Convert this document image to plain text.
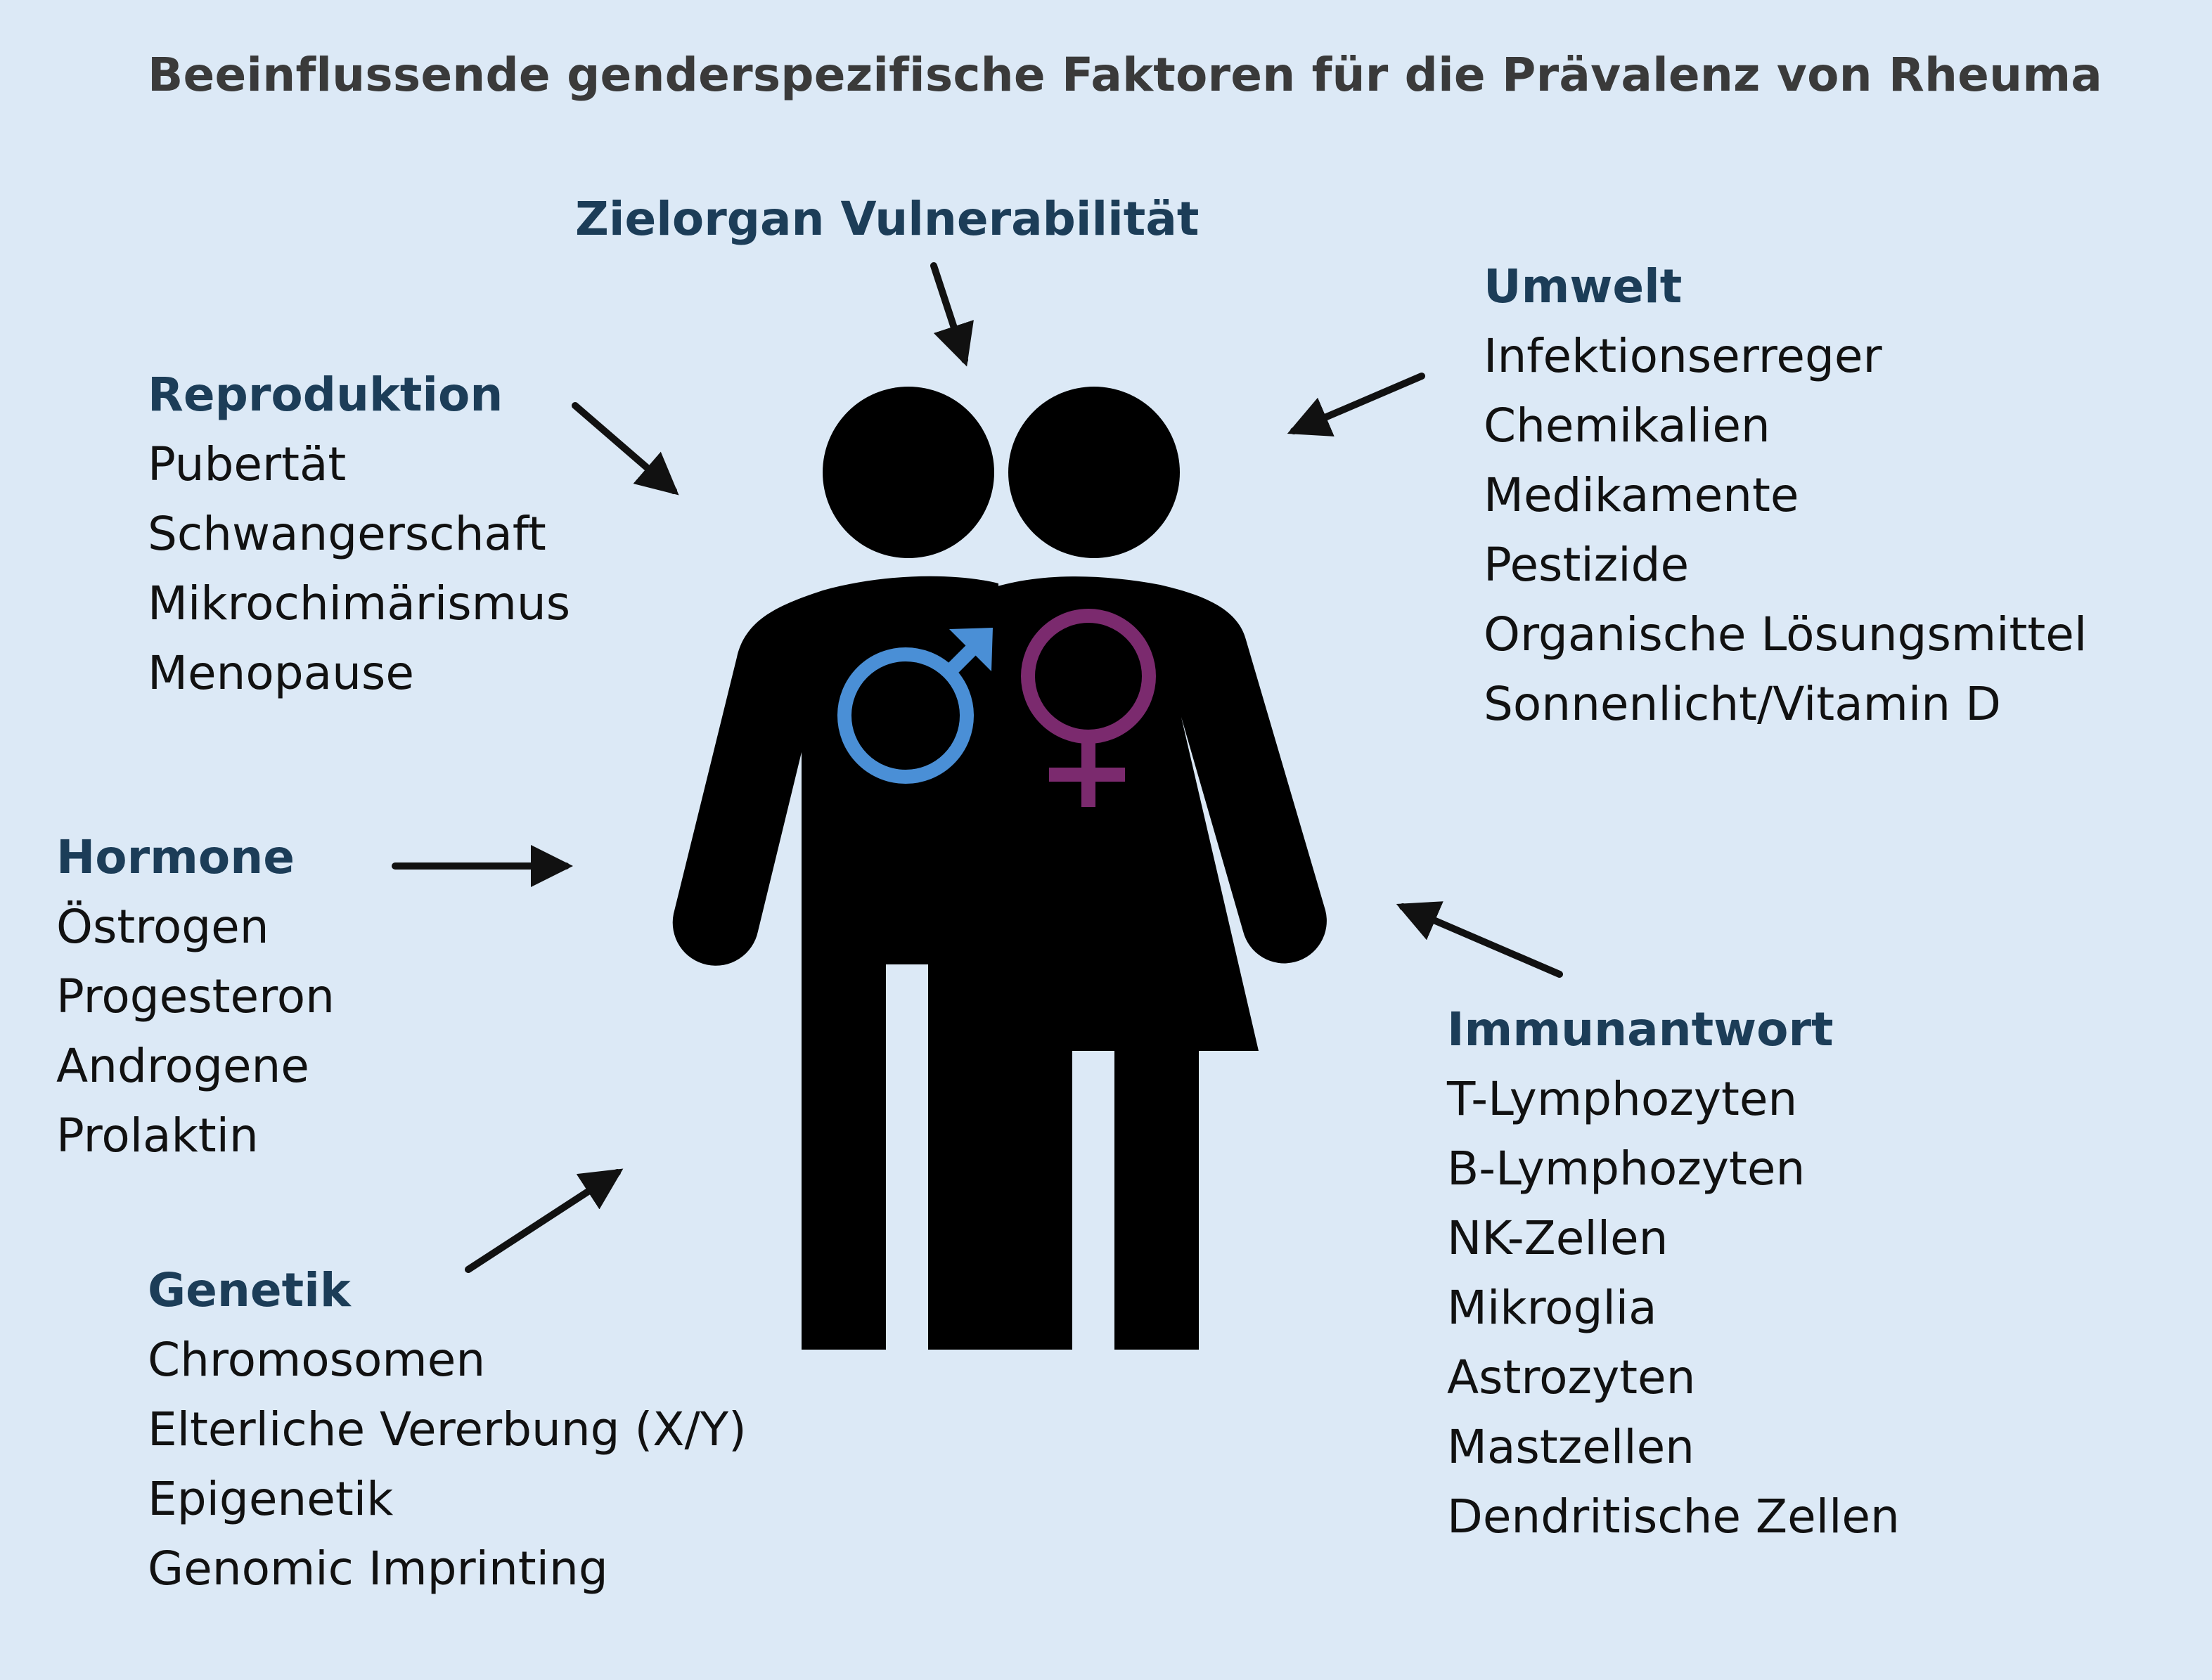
Beeinflussende genderspezifische Faktoren für die Prävalenz von Rheuma
Zielorgan Vulnerabilität
Umwelt
Infektionserreger
Chemikalien
Medikamente
Pestizide
Organische Lösungsmittel
Sonnenlicht/Vitamin D
Reproduktion
Pubertät
Schwangerschaft
Mikrochimärismus
Menopause
Hormone
Östrogen
Progesteron
Androgene
Prolaktin
Immunantwort
T-Lymphozyten
B-Lymphozyten
NK-Zellen
Mikroglia
Astrozyten
Mastzellen
Dendritische Zellen
Genetik
Chromosomen
Elterliche Vererbung (X/Y)
Epigenetik
Genomic Imprinting
